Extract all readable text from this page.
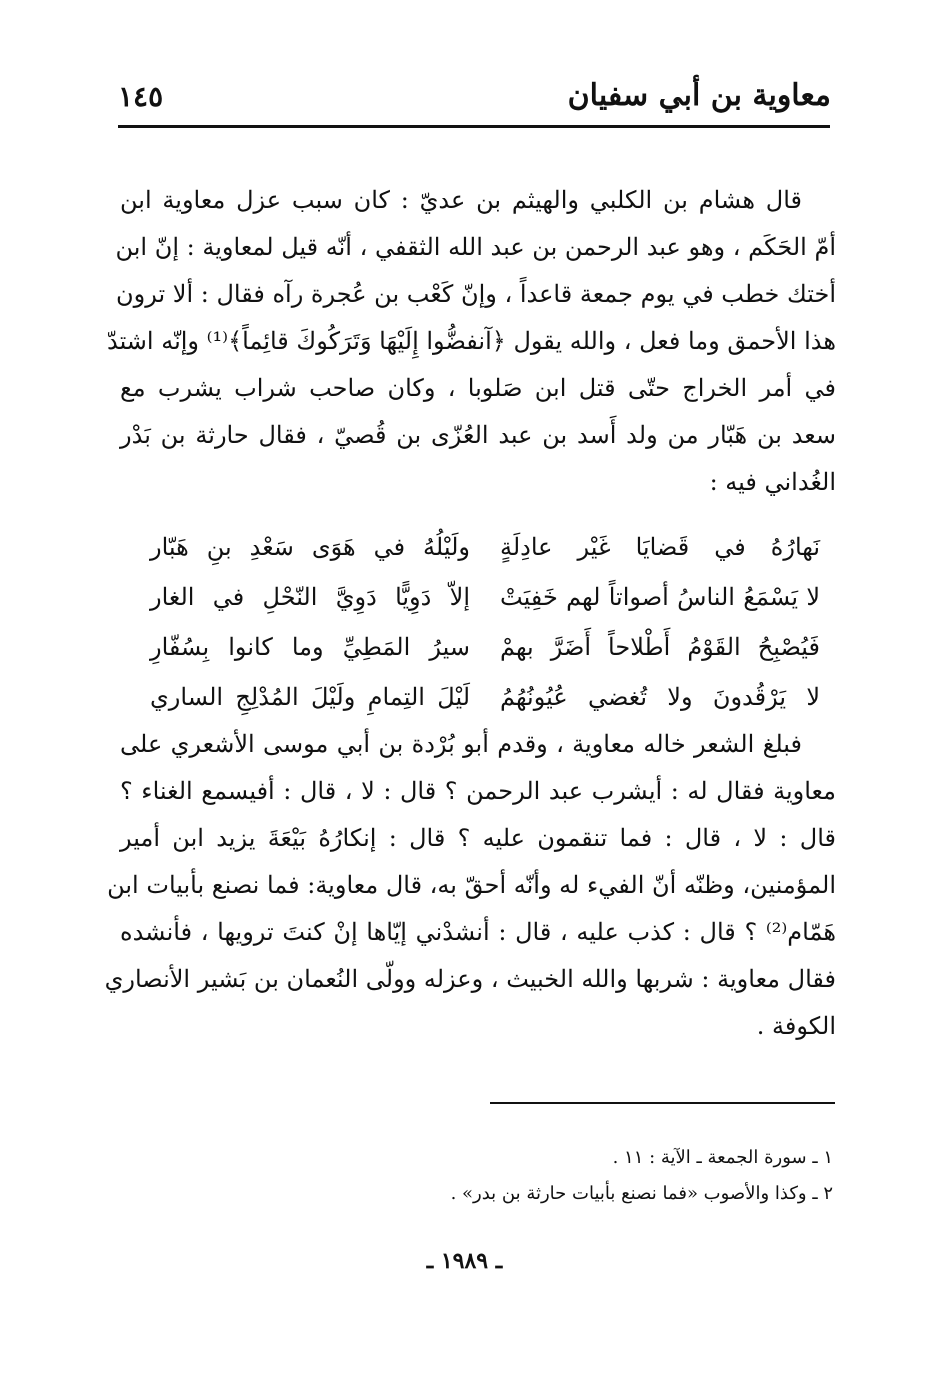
معاوية بن أبي سفيان
١٤٥
قال هشام بن الكلبي والهيثم بن عديّ : كان سبب عزل معاوية ابن
أمّ الحَكَم ، وهو عبد الرحمن بن عبد الله الثقفي ، أنّه قيل لمعاوية : إنّ ابن
أختك خطب في يوم جمعة قاعداً ، وإنّ كَعْب بن عُجرة رآه فقال : ألا ترون
هذا الأحمق وما فعل ، والله يقول ﴿آنفضُّوا إِلَيْهَا وَتَرَكُوكَ قائِماً﴾⁽¹⁾ وإنّه اشتدّ
في أمر الخراج حتّى قتل ابن صَلوبا ، وكان صاحب شراب يشرب مع
سعد بن هَبّار من ولد أَسد بن عبد العُزّى بن قُصيّ ، فقال حارثة بن بَدْر
الغُداني فيه :
نَهارُهُ في قَضايَا غَيْر عادِلَةٍ
ولَيْلُهُ في هَوَى سَعْدِ بنِ هَبّار
لا يَسْمَعُ الناسُ أصواتاً لهم خَفِيَتْ
إلاّ دَوِيًّا دَوِيَّ النّحْلِ في الغار
فَيُصْبِحُ القَوْمُ أَطْلاحاً أَضَرَّ بهمْ
سيرُ المَطِيِّ وما كانوا بِسُفّارِ
لا يَرْقُدونَ ولا تُغضي عُيُونُهُمُ
لَيْلَ التِمامِ ولَيْلَ المُدْلِجِ الساري
فبلغ الشعر خاله معاوية ، وقدم أبو بُرْدة بن أبي موسى الأشعري على
معاوية فقال له : أيشرب عبد الرحمن ؟ قال : لا ، قال : أفيسمع الغناء ؟
قال : لا ، قال : فما تنقمون عليه ؟ قال : إنكارُهُ بَيْعَةَ يزيد ابن أمير
المؤمنين، وظنّه أنّ الفيء له وأنّه أحقّ به، قال معاوية: فما نصنع بأبيات ابن
هَمّام⁽²⁾ ؟ قال : كذب عليه ، قال : أنشدْني إيّاها إنْ كنتَ ترويها ، فأنشده
فقال معاوية : شربها والله الخبيث ، وعزله وولّى النُعمان بن بَشير الأنصاري
الكوفة .
١ ـ سورة الجمعة ـ الآية : ١١ .
٢ ـ وكذا والأصوب «فما نصنع بأبيات حارثة بن بدر» .
ـ ١٩٨٩ ـ
